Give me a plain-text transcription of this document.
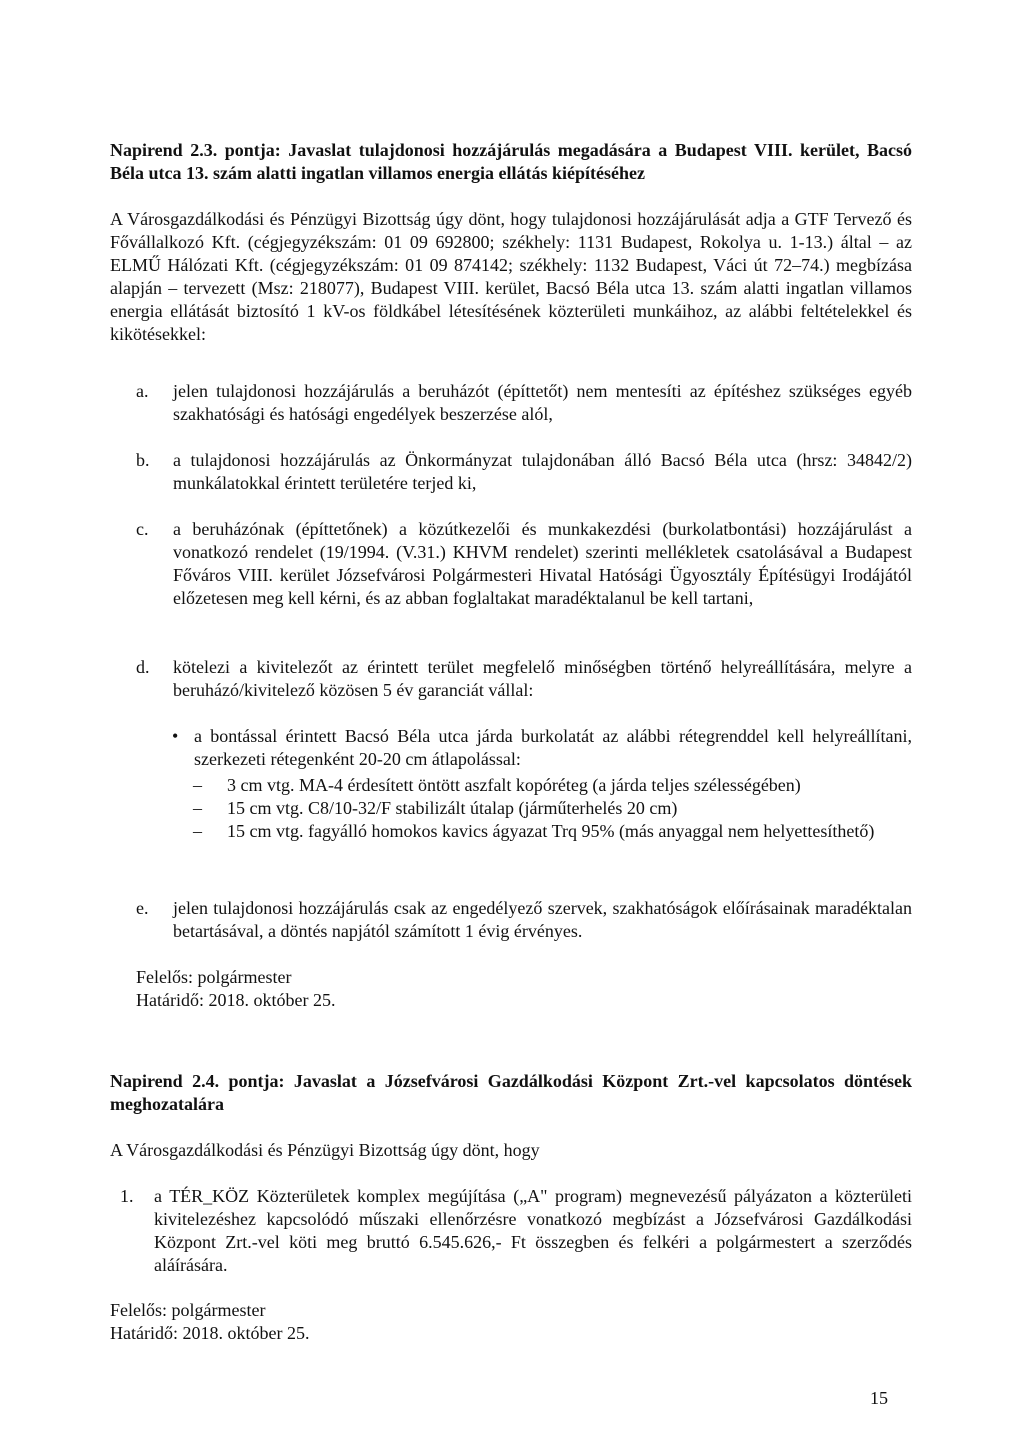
Napirend 2.3. pontja: Javaslat tulajdonosi hozzájárulás megadására a Budapest VIII. kerület, Bacsó Béla utca 13. szám alatti ingatlan villamos energia ellátás kiépítéséhez
A Városgazdálkodási és Pénzügyi Bizottság úgy dönt, hogy tulajdonosi hozzájárulását adja a GTF Tervező és Fővállalkozó Kft. (cégjegyzékszám: 01 09 692800; székhely: 1131 Budapest, Rokolya u. 1-13.) által – az ELMŰ Hálózati Kft. (cégjegyzékszám: 01 09 874142; székhely: 1132 Budapest, Váci út 72–74.) megbízása alapján – tervezett (Msz: 218077), Budapest VIII. kerület, Bacsó Béla utca 13. szám alatti ingatlan villamos energia ellátását biztosító 1 kV-os földkábel létesítésének közterületi munkáihoz, az alábbi feltételekkel és kikötésekkel:
a.	jelen tulajdonosi hozzájárulás a beruházót (építtetőt) nem mentesíti az építéshez szükséges egyéb szakhatósági és hatósági engedélyek beszerzése alól,
b.	a tulajdonosi hozzájárulás az Önkormányzat tulajdonában álló Bacsó Béla utca (hrsz: 34842/2) munkálatokkal érintett területére terjed ki,
c.	a beruházónak (építtetőnek) a közútkezelői és munkakezdési (burkolatbontási) hozzájárulást a vonatkozó rendelet (19/1994. (V.31.) KHVM rendelet) szerinti mellékletek csatolásával a Budapest Főváros VIII. kerület Józsefvárosi Polgármesteri Hivatal Hatósági Ügyosztály Építésügyi Irodájától előzetesen meg kell kérni, és az abban foglaltakat maradéktalanul be kell tartani,
d.	kötelezi a kivitelezőt az érintett terület megfelelő minőségben történő helyreállítására, melyre a beruházó/kivitelező közösen 5 év garanciát vállal:
• a bontással érintett Bacsó Béla utca járda burkolatát az alábbi rétegrenddel kell helyreállítani, szerkezeti rétegenként 20-20 cm átlapolással:
– 3 cm vtg. MA-4 érdesített öntött aszfalt kopóréteg (a járda teljes szélességében)
– 15 cm vtg. C8/10-32/F stabilizált útalap (járműterhelés 20 cm)
– 15 cm vtg. fagyálló homokos kavics ágyazat Trq 95% (más anyaggal nem helyettesíthető)
e.	jelen tulajdonosi hozzájárulás csak az engedélyező szervek, szakhatóságok előírásainak maradéktalan betartásával, a döntés napjától számított 1 évig érvényes.
Felelős: polgármester
Határidő: 2018. október 25.
Napirend 2.4. pontja: Javaslat a Józsefvárosi Gazdálkodási Központ Zrt.-vel kapcsolatos döntések meghozatalára
A Városgazdálkodási és Pénzügyi Bizottság úgy dönt, hogy
1.	a TÉR_KÖZ Közterületek komplex megújítása („A" program) megnevezésű pályázaton a közterületi kivitelezéshez kapcsolódó műszaki ellenőrzésre vonatkozó megbízást a Józsefvárosi Gazdálkodási Központ Zrt.-vel köti meg bruttó 6.545.626,- Ft összegben és felkéri a polgármestert a szerződés aláírására.
Felelős: polgármester
Határidő: 2018. október 25.
15
